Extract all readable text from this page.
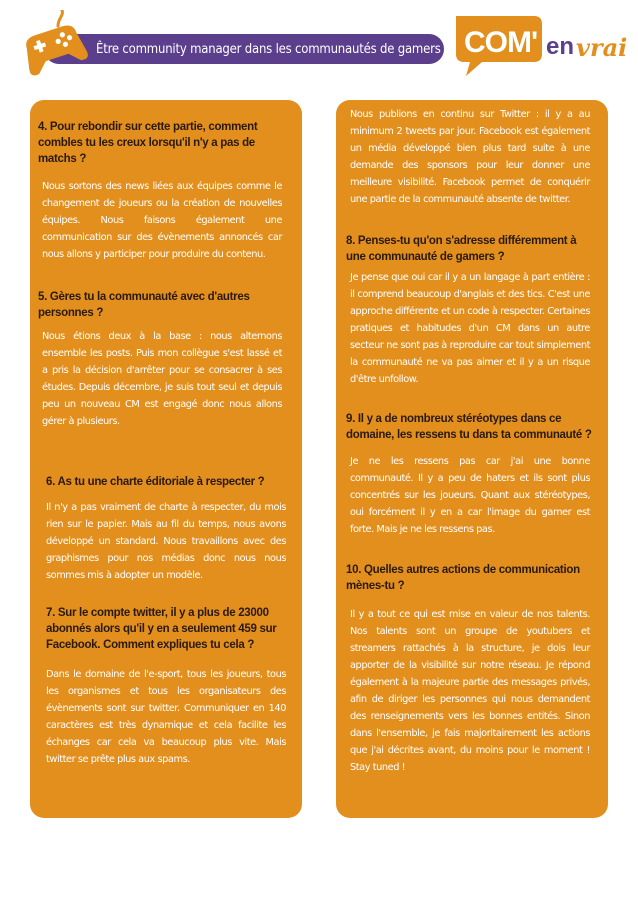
Être community manager dans les communautés de gamers COM' en vrai
4. Pour rebondir sur cette partie, comment combles tu les creux lorsqu'il n'y a pas de matchs ?
Nous sortons des news liées aux équipes comme le changement de joueurs ou la création de nouvelles équipes. Nous faisons également une communication sur des évènements annoncés car nous allons y participer pour produire du contenu.
5. Gères tu la communauté avec d'autres personnes ?
Nous étions deux à la base : nous alternons ensemble les posts. Puis mon collègue s'est lassé et a pris la décision d'arrêter pour se consacrer à ses études. Depuis décembre, je suis tout seul et depuis peu un nouveau CM est engagé donc nous allons gérer à plusieurs.
6. As tu une charte éditoriale à respecter ?
Il n'y a pas vraiment de charte à respecter, du mois rien sur le papier. Mais au fil du temps, nous avons développé un standard. Nous travaillons avec des graphismes pour nos médias donc nous nous sommes mis à adopter un modèle.
7. Sur le compte twitter, il y a plus de 23000 abonnés alors qu'il y en a seulement 459 sur Facebook. Comment expliques tu cela ?
Dans le domaine de l'e-sport, tous les joueurs, tous les organismes et tous les organisateurs des évènements sont sur twitter. Communiquer en 140 caractères est très dynamique et cela facilite les échanges car cela va beaucoup plus vite. Mais twitter se prête plus aux spams.
Nous publions en continu sur Twitter : il y a au minimum 2 tweets par jour. Facebook est également un média développé bien plus tard suite à une demande des sponsors pour leur donner une meilleure visibilité. Facebook permet de conquérir une partie de la communauté absente de twitter.
8. Penses-tu qu'on s'adresse différemment à une communauté de gamers ?
Je pense que oui car il y a un langage à part entière : il comprend beaucoup d'anglais et des tics. C'est une approche différente et un code à respecter. Certaines pratiques et habitudes d'un CM dans un autre secteur ne sont pas à reproduire car tout simplement la communauté ne va pas aimer et il y a un risque d'être unfollow.
9. Il y a de nombreux stéréotypes dans ce domaine, les ressens tu dans ta communauté ?
Je ne les ressens pas car j'ai une bonne communauté. Il y a peu de haters et ils sont plus concentrés sur les joueurs. Quant aux stéréotypes, oui forcément il y en a car l'image du gamer est forte. Mais je ne les ressens pas.
10. Quelles autres actions de communication mènes-tu ?
Il y a tout ce qui est mise en valeur de nos talents. Nos talents sont un groupe de youtubers et streamers rattachés à la structure, je dois leur apporter de la visibilité sur notre réseau. Je répond également à la majeure partie des messages privés, afin de diriger les personnes qui nous demandent des renseignements vers les bonnes entités. Sinon dans l'ensemble, je fais majoritairement les actions que j'ai décrites avant, du moins pour le moment ! Stay tuned !
